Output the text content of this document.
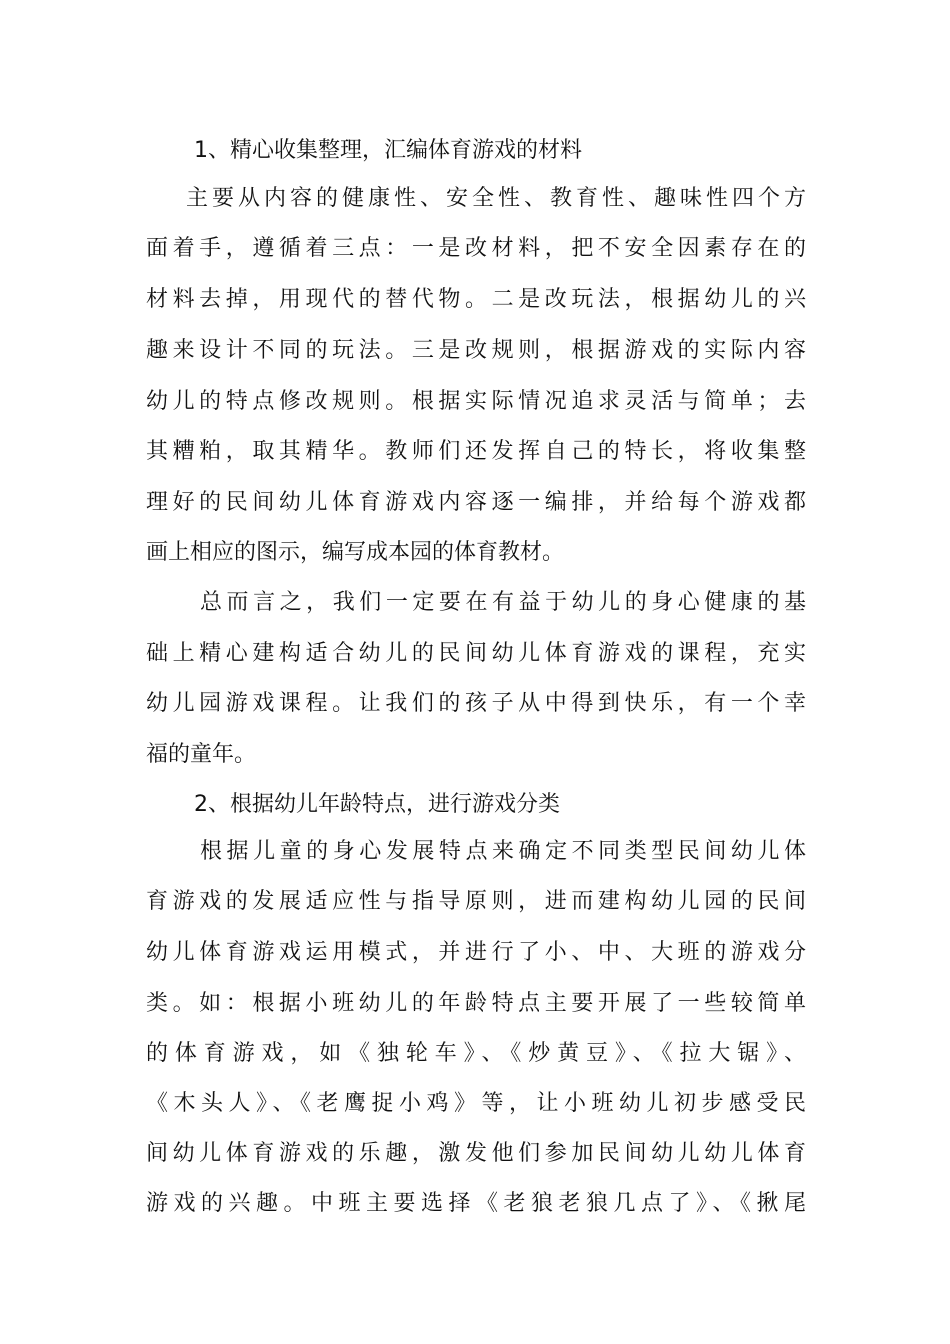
1、精心收集整理，汇编体育游戏的材料
主要从内容的健康性、安全性、教育性、趣味性四个方
面着手，遵循着三点：一是改材料，把不安全因素存在的
材料去掉，用现代的替代物。二是改玩法，根据幼儿的兴
趣来设计不同的玩法。三是改规则，根据游戏的实际内容
幼儿的特点修改规则。根据实际情况追求灵活与简单；去
其糟粕，取其精华。教师们还发挥自己的特长，将收集整
理好的民间幼儿体育游戏内容逐一编排，并给每个游戏都
画上相应的图示，编写成本园的体育教材。
总而言之，我们一定要在有益于幼儿的身心健康的基
础上精心建构适合幼儿的民间幼儿体育游戏的课程，充实
幼儿园游戏课程。让我们的孩子从中得到快乐，有一个幸
福的童年。
2、根据幼儿年龄特点，进行游戏分类
根据儿童的身心发展特点来确定不同类型民间幼儿体
育游戏的发展适应性与指导原则，进而建构幼儿园的民间
幼儿体育游戏运用模式，并进行了小、中、大班的游戏分
类。如：根据小班幼儿的年龄特点主要开展了一些较简单
的体育游戏，如《独轮车》、《炒黄豆》、《拉大锯》、
《木头人》、《老鹰捉小鸡》等，让小班幼儿初步感受民
间幼儿体育游戏的乐趣，激发他们参加民间幼儿幼儿体育
游戏的兴趣。中班主要选择《老狼老狼几点了》、《揪尾
